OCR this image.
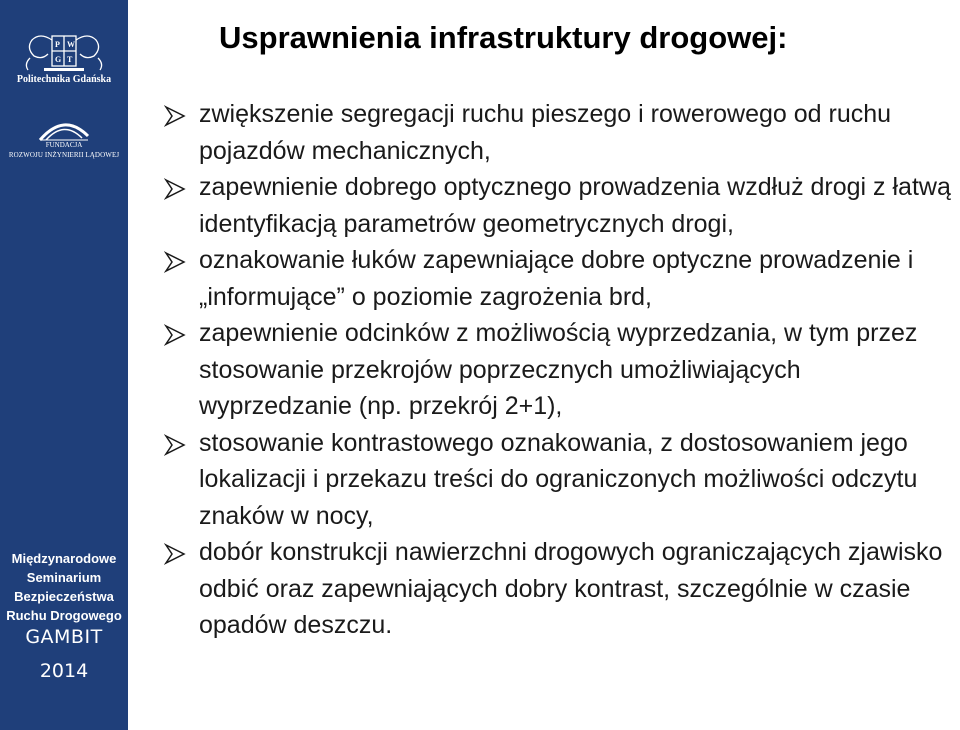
P W
G T
Politechnika Gdańska
FUNDACJA
ROZWOJU INŻYNIERII LĄDOWEJ
Międzynarodowe
Seminarium
Bezpieczeństwa
Ruchu Drogowego
GAMBIT
2014
Usprawnienia infrastruktury drogowej:
zwiększenie segregacji ruchu pieszego i rowerowego od ruchu pojazdów mechanicznych,
zapewnienie dobrego optycznego prowadzenia wzdłuż drogi z łatwą identyfikacją parametrów geometrycznych drogi,
oznakowanie łuków zapewniające dobre optyczne prowadzenie i „informujące” o poziomie zagrożenia brd,
zapewnienie odcinków z możliwością wyprzedzania, w tym przez stosowanie przekrojów poprzecznych umożliwiających wyprzedzanie (np. przekrój 2+1),
stosowanie kontrastowego oznakowania, z dostosowaniem jego lokalizacji i przekazu treści do ograniczonych możliwości odczytu znaków w nocy,
dobór konstrukcji nawierzchni drogowych ograniczających zjawisko odbić oraz zapewniających dobry kontrast, szczególnie w czasie opadów deszczu.
